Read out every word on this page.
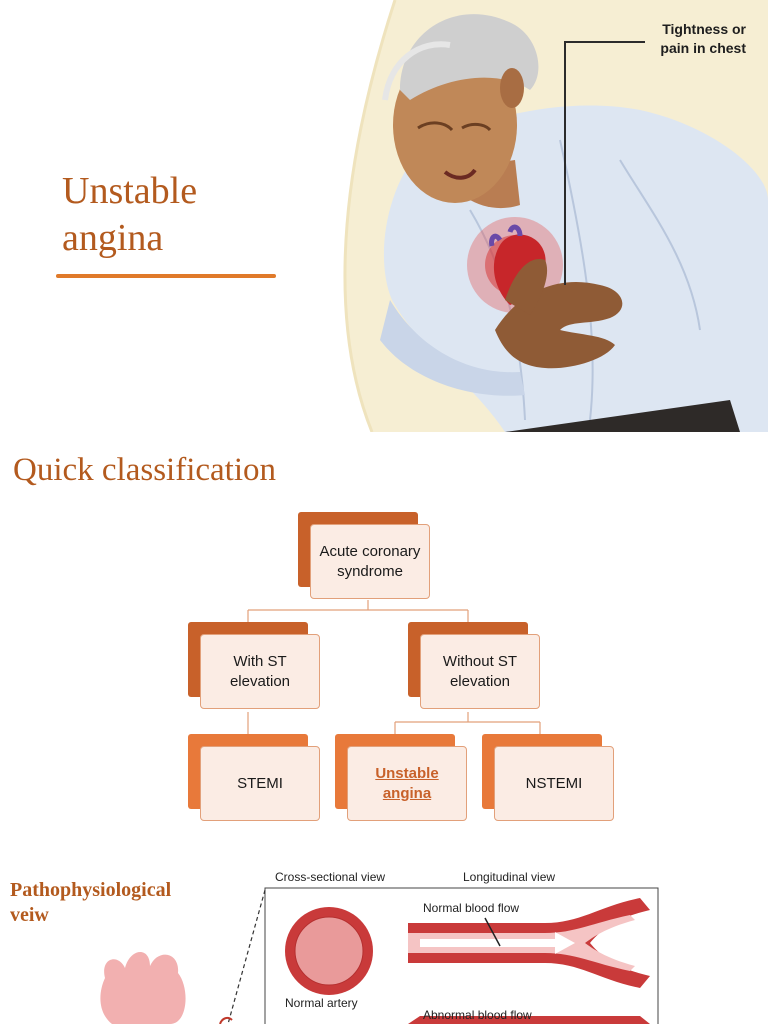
Unstable
angina
Tightness or
pain in chest
Quick classification
Acute coronary syndrome
With ST elevation
Without ST elevation
STEMI
Unstable angina
NSTEMI
Pathophysiological veiw
Cross-sectional view	Longitudinal view
Normal blood flow
Normal artery
Abnormal blood flow
